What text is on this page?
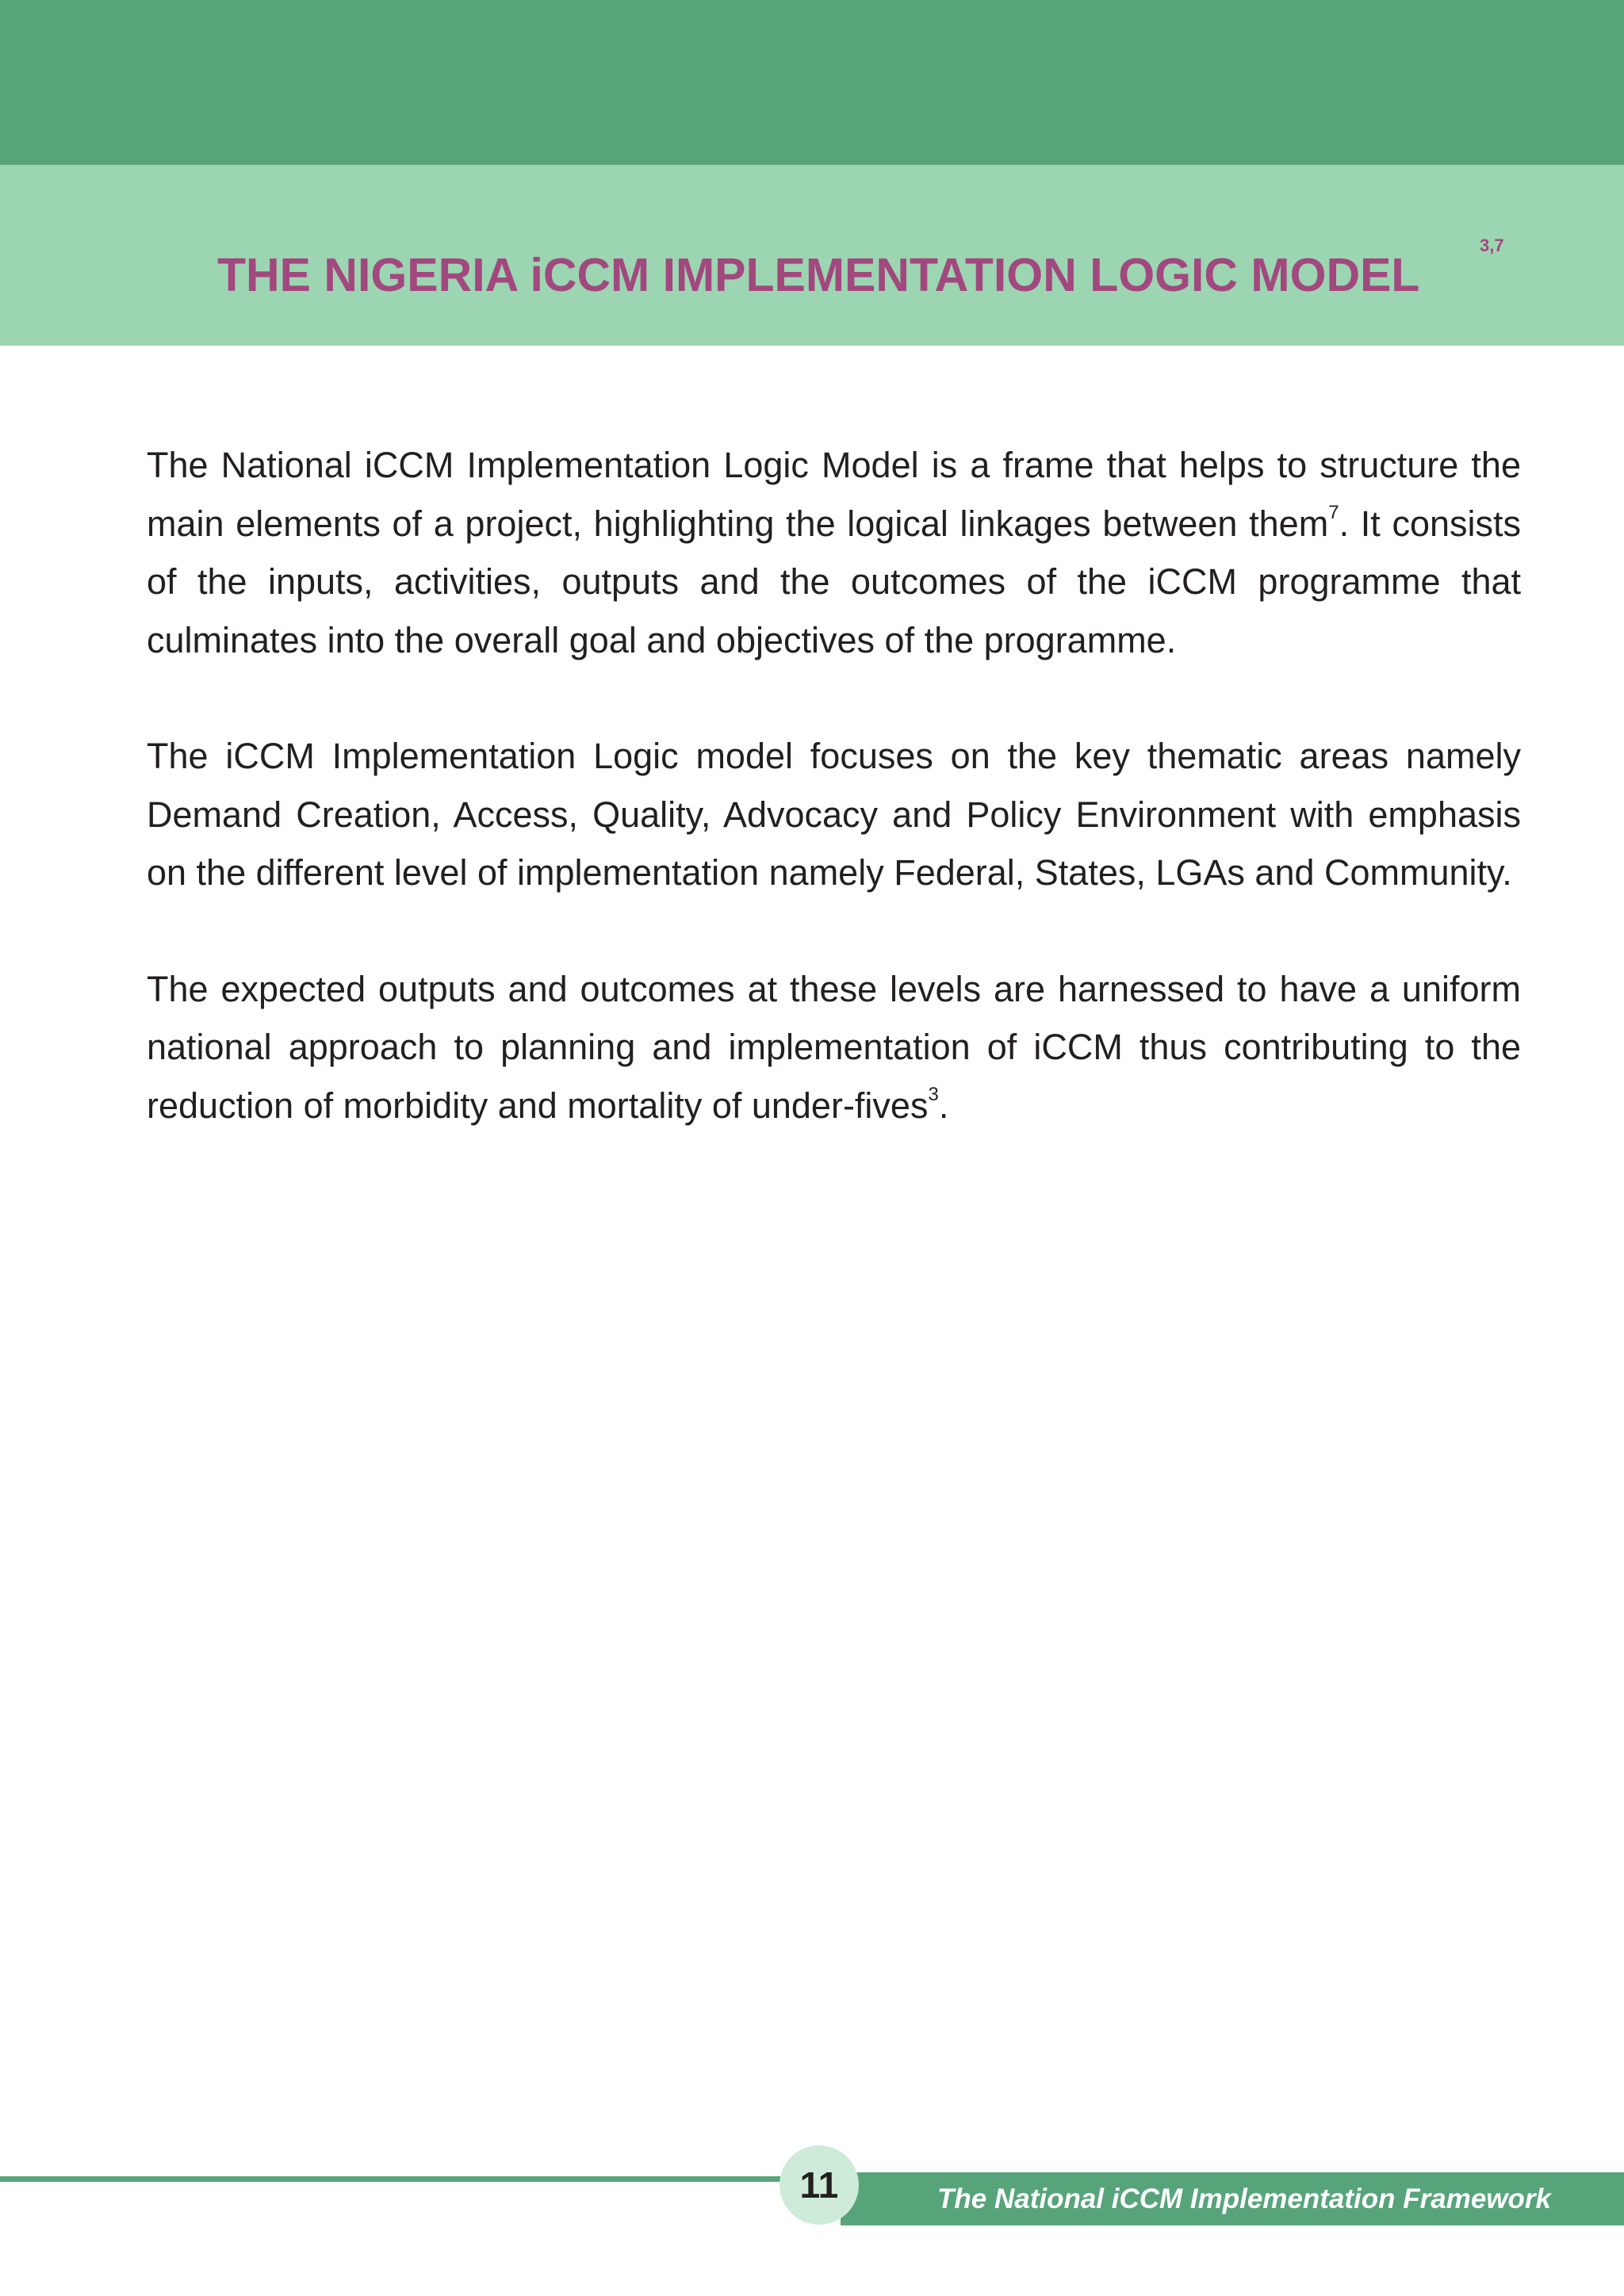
THE NIGERIA iCCM IMPLEMENTATION LOGIC MODEL
3,7

The National iCCM Implementation Logic Model is a frame that helps to structure the main elements of a project, highlighting the logical linkages between them$^7$. It consists of the inputs, activities, outputs and the outcomes of the iCCM programme that culminates into the overall goal and objectives of the programme.

The iCCM Implementation Logic model focuses on the key thematic areas namely Demand Creation, Access, Quality, Advocacy and Policy Environment with emphasis on the different level of implementation namely Federal, States, LGAs and Community.

The expected outputs and outcomes at these levels are harnessed to have a uniform national approach to planning and implementation of iCCM thus contributing to the reduction of morbidity and mortality of under-fives$^3$.

The National iCCM Implementation Framework
11
